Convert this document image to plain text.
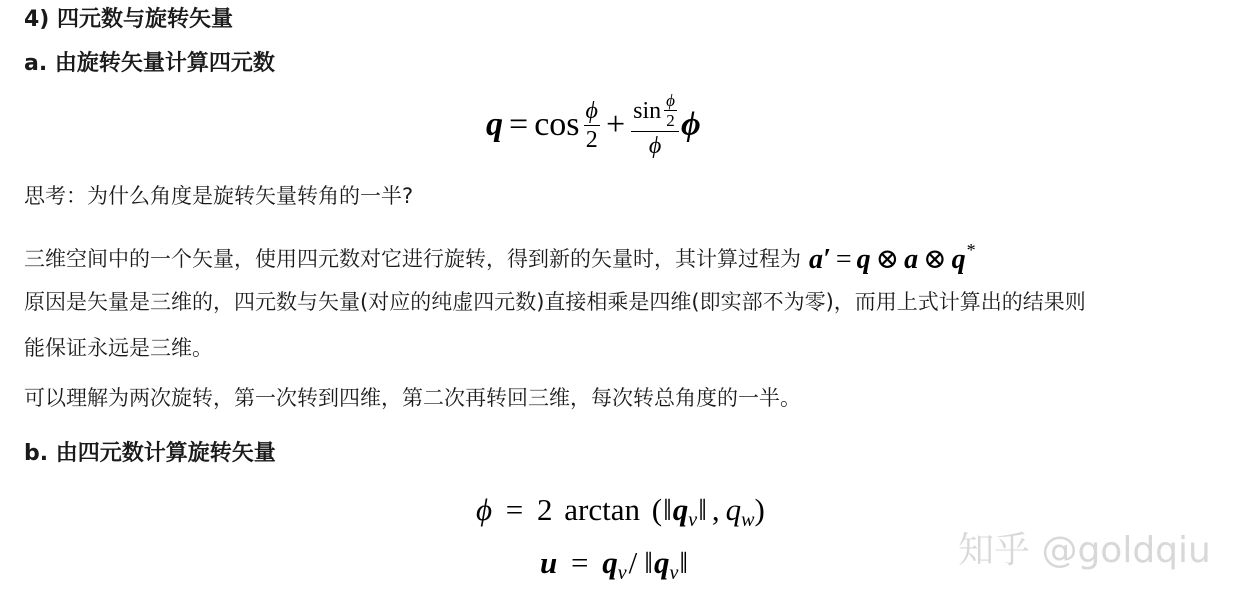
4) 四元数与旋转矢量
a. 由旋转矢量计算四元数
$q = \cos \frac{\phi}{2} + \frac{\sin \frac{\phi}{2}}{\phi}$ ϕ
思考：为什么角度是旋转矢量转角的一半?
三维空间中的一个矢量，使用四元数对它进行旋转，得到新的矢量时，其计算过程为 a′ = q ⊗ a ⊗ q*
原因是矢量是三维的，四元数与矢量(对应的纯虚四元数)直接相乘是四维(即实部不为零)，而用上式计算出的结果则
能保证永远是三维。
可以理解为两次旋转，第一次转到四维，第二次再转回三维，每次转总角度的一半。
b. 由四元数计算旋转矢量
ϕ = 2 $\arctan (‖q_v‖$ , $q_w$)
$u = q_v/$ $‖q_v‖$	知乎 @goldqiu
